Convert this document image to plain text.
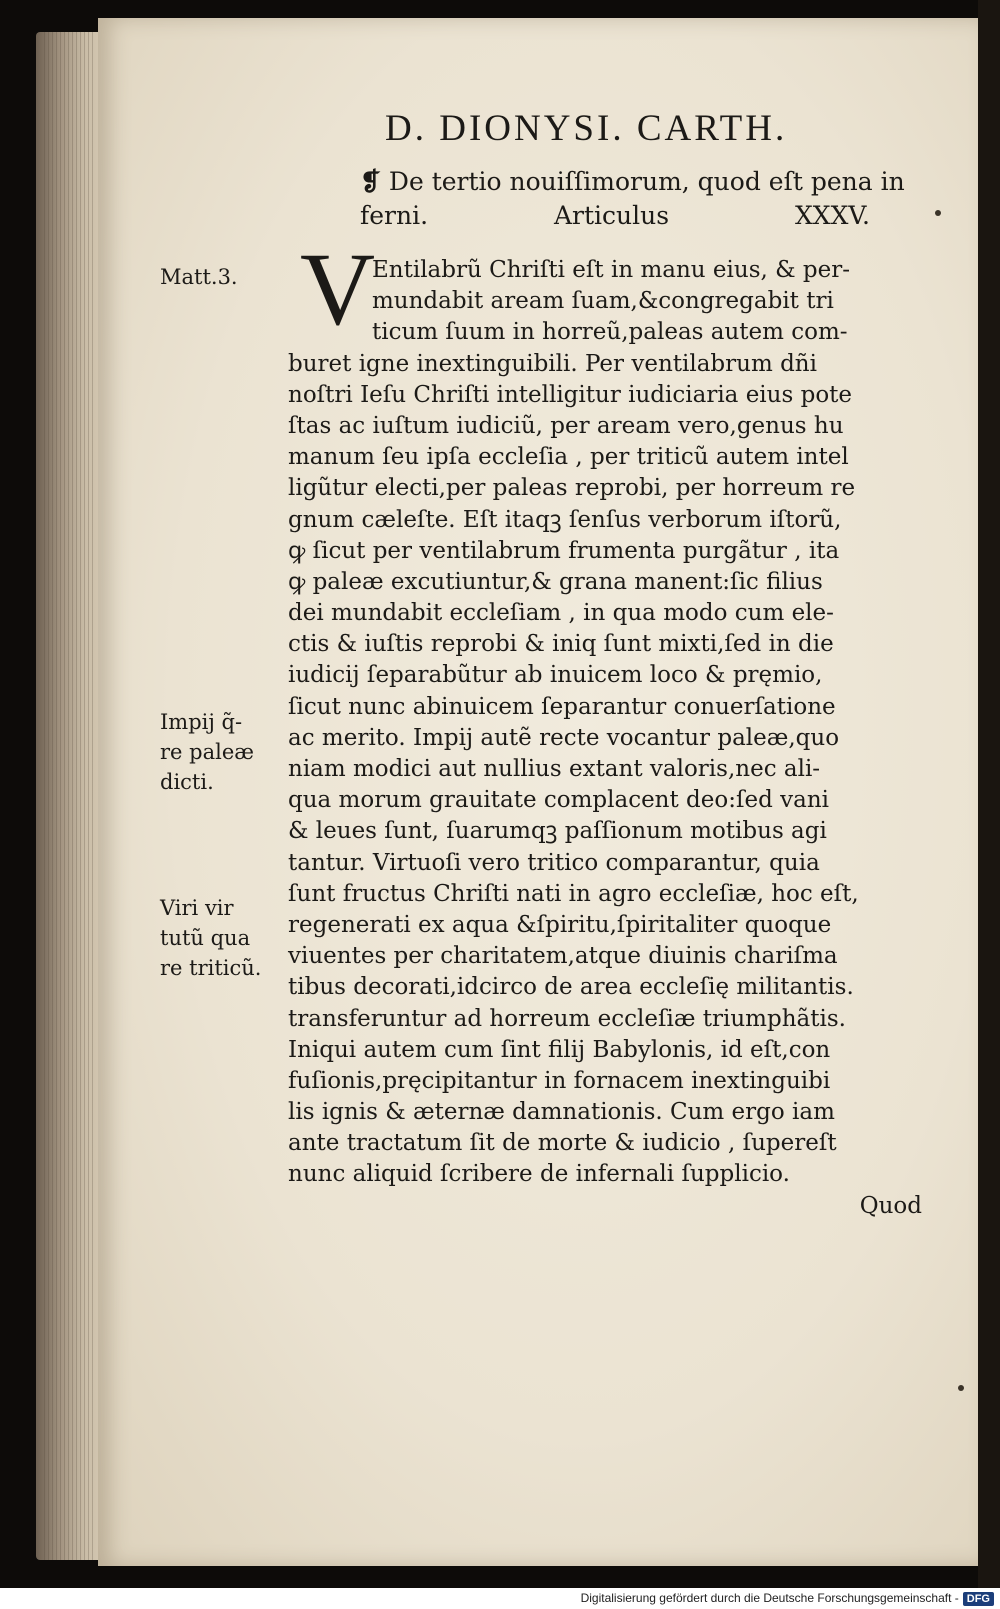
D. DIONYSI. CARTH.
❡ De tertio nouiſſimorum, quod eſt pena in
ferni.	Articulus	XXXV.
V
Entilabrũ Chriſti eſt in manu eius, & per-
mundabit aream ſuam,&congregabit tri
ticum ſuum in horreũ,paleas autem com-
buret igne inextinguibili. Per ventilabrum dñi
noſtri Ieſu Chriſti intelligitur iudiciaria eius pote
ſtas ac iuſtum iudiciũ, per aream vero,genus hu
manum ſeu ipſa eccleſia , per triticũ autem intel
ligũtur electi,per paleas reprobi, per horreum re
gnum cæleſte. Eſt itaqꝫ ſenſus verborum iſtorũ,
ꝙ ſicut per ventilabrum frumenta purgãtur , ita
ꝙ paleæ excutiuntur,& grana manent:ſic filius
dei mundabit eccleſiam , in qua modo cum ele-
ctis & iuſtis reprobi & iniq ſunt mixti,ſed in die
iudicij ſeparabũtur ab inuicem loco & pręmio,
ſicut nunc abinuicem ſeparantur conuerſatione
ac merito. Impij autẽ recte vocantur paleæ,quo
niam modici aut nullius extant valoris,nec ali-
qua morum grauitate complacent deo:ſed vani
& leues ſunt, ſuarumqꝫ paſſionum motibus agi
tantur. Virtuoſi vero tritico comparantur, quia
ſunt fructus Chriſti nati in agro eccleſiæ, hoc eſt,
regenerati ex aqua &ſpiritu,ſpiritaliter quoque
viuentes per charitatem,atque diuinis chariſma
tibus decorati,idcirco de area eccleſię militantis.
transferuntur ad horreum eccleſiæ triumphãtis.
Iniqui autem cum ſint filij Babylonis, id eſt,con
fuſionis,pręcipitantur in fornacem inextinguibi
lis ignis & æternæ damnationis. Cum ergo iam
ante tractatum ſit de morte & iudicio , ſupereſt
nunc aliquid ſcribere de infernali ſupplicio.
Quod
Matt.3.
Impij q̃-
re paleæ
dicti.
Viri vir
tutũ qua
re triticũ.
Digitalisierung gefördert durch die Deutsche Forschungsgemeinschaft - DFG
